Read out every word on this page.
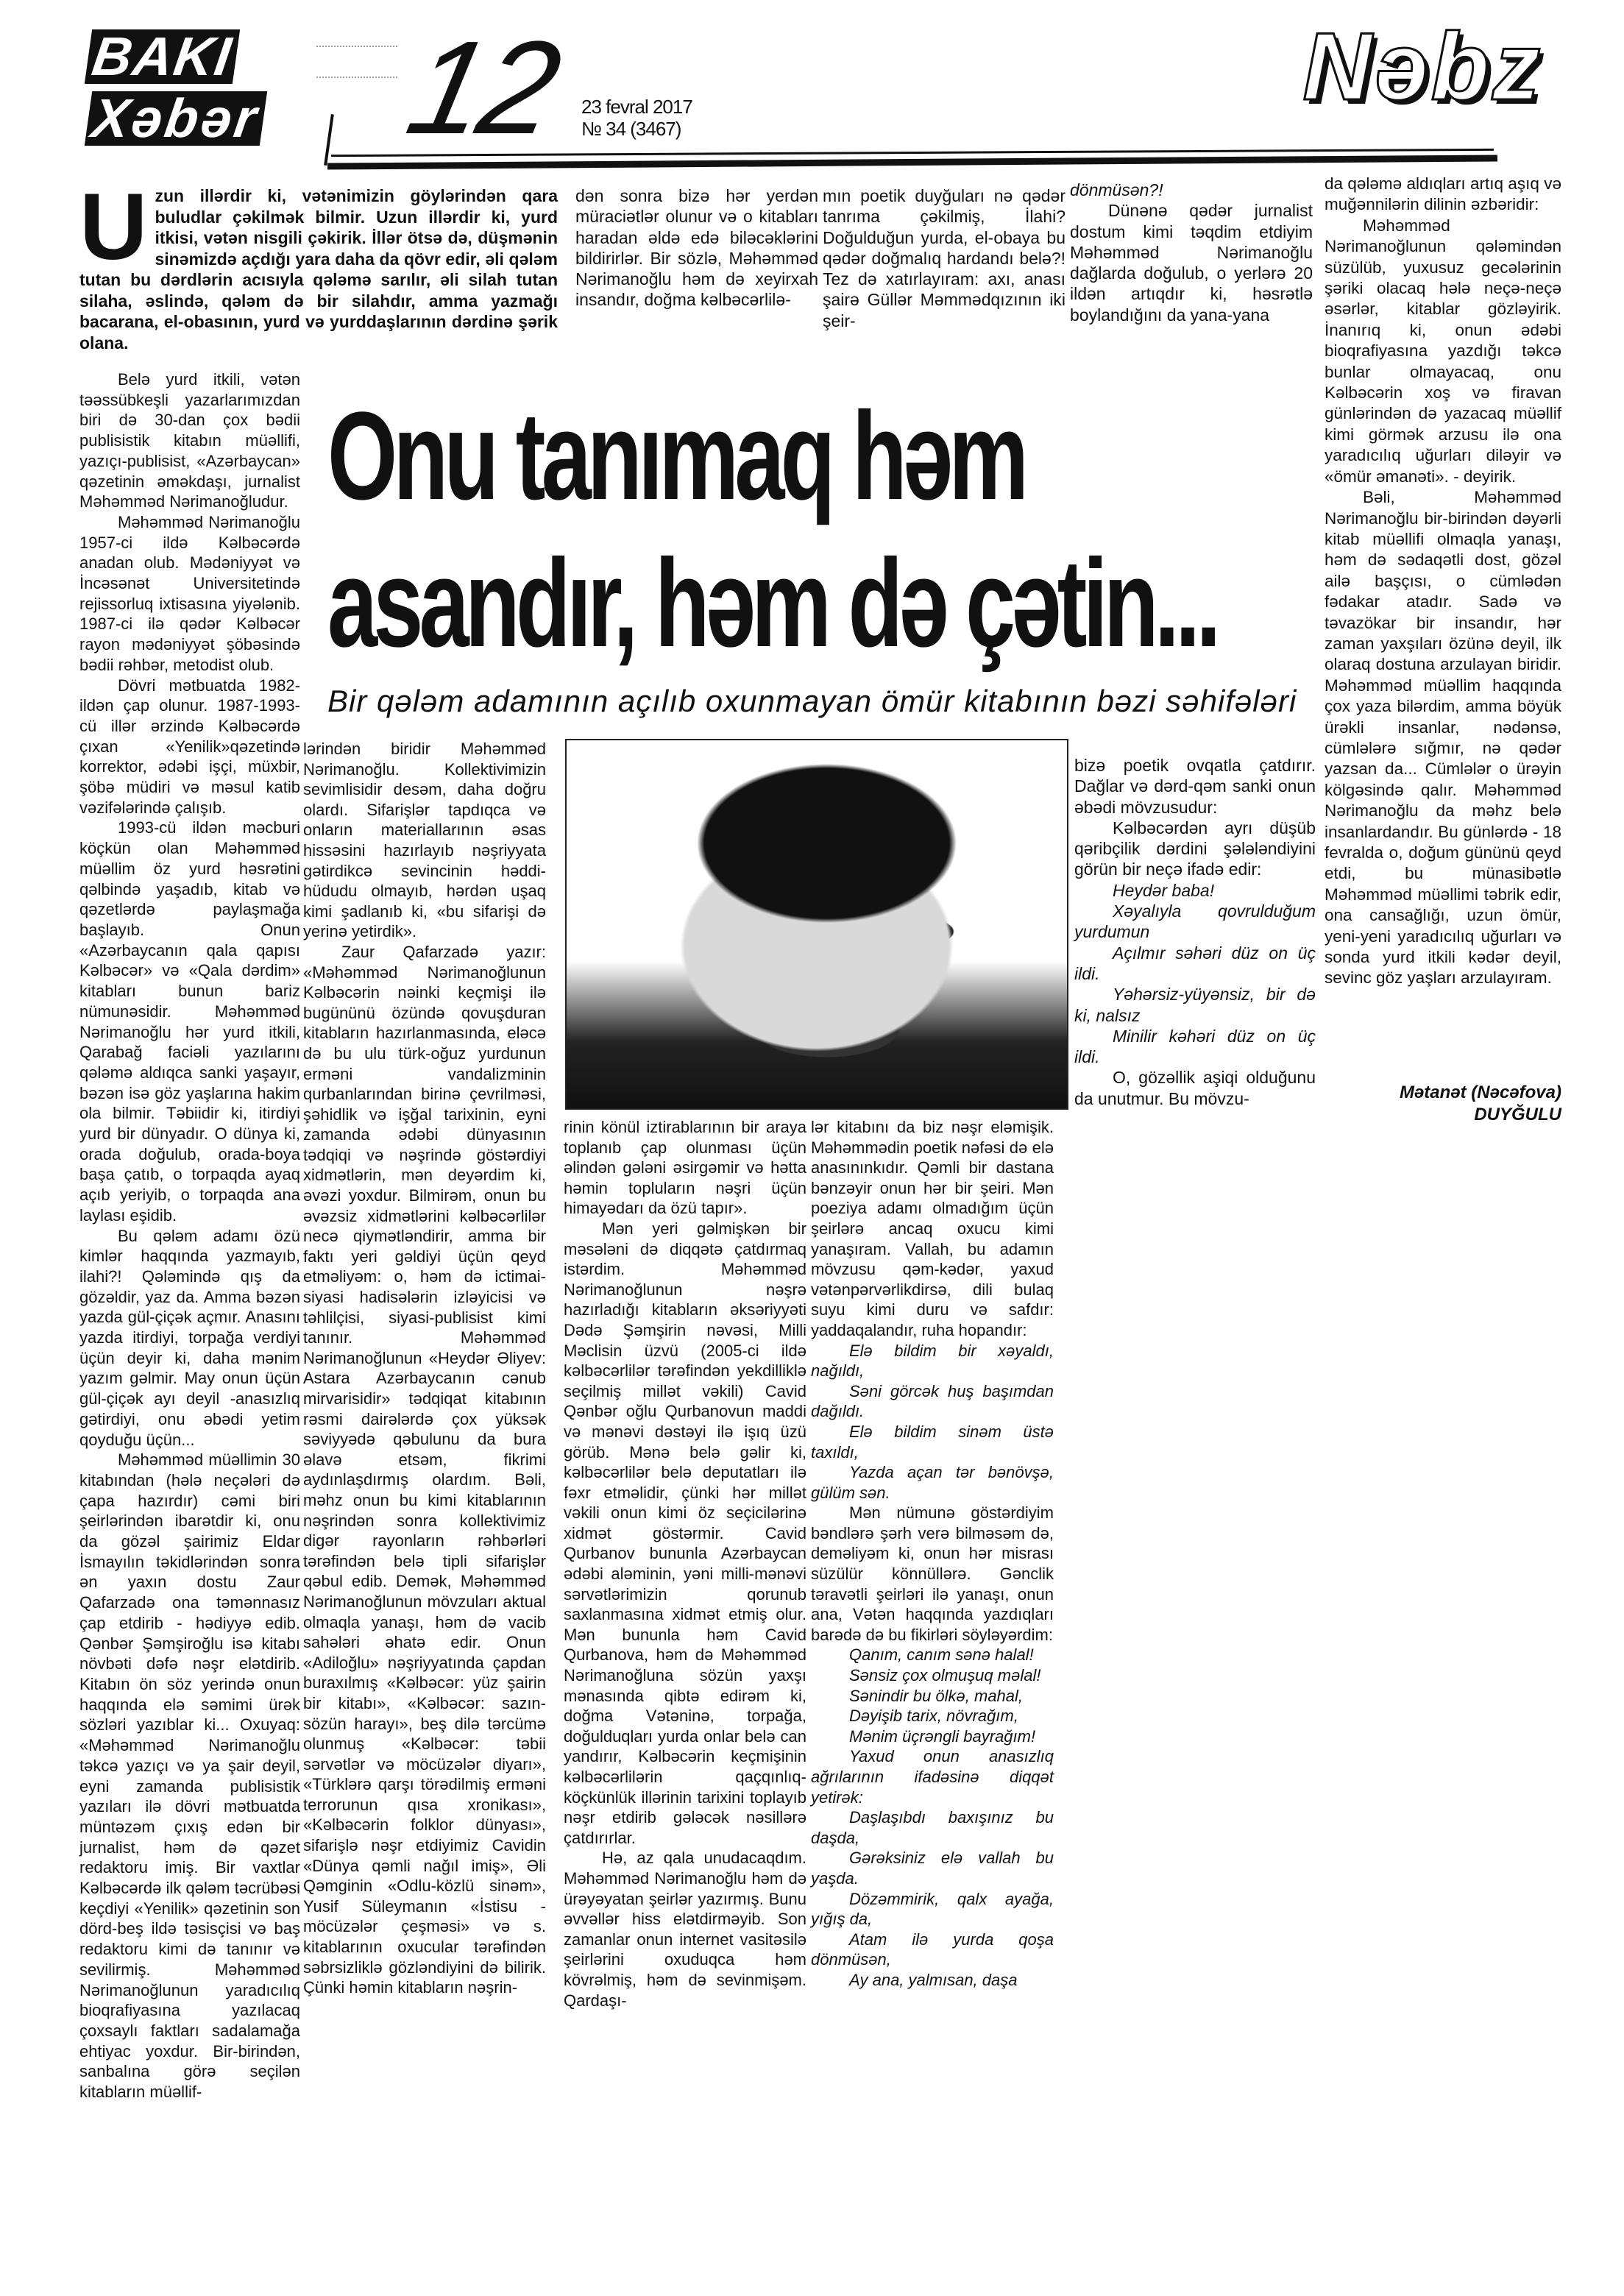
BAKI
Xəbər 12 23 fevral 2017
№ 34 (3467)
Nəbz
U zun illərdir ki, vətənimizin göylərindən qara buludlar çəkilmək bilmir. Uzun illərdir ki, yurd itkisi, vətən nisgili çəkirik. İllər ötsə də, düşmənin sinəmizdə açdığı yara daha da qövr edir, əli qələm tutan bu dərdlərin acısıyla qələmə sarılır, əli silah tutan silaha, əslində, qələm də bir silahdır, amma yazmağı bacarana, el-obasının, yurd və yurddaşlarının dərdinə şərik olana.

dən sonra bizə hər yerdən müraciətlər olunur və o kitabları haradan əldə edə biləcəklərini bildirirlər. Bir sözlə, Məhəmməd Nərimanoğlu həm də xeyirxah insandır, doğma kəlbəcərlilə-

mın poetik duyğuları nə qədər tanrıma çəkilmiş, İlahi? Doğulduğun yurda, el-obaya bu qədər doğmalıq hardandı belə?! Tez də xatırlayıram: axı, anası şairə Güllər Məmmədqızının iki şeir-

dönmüsən?!

Dünənə qədər jurnalist dostum kimi təqdim etdiyim Məhəmməd Nərimanoğlu dağlarda doğulub, o yerlərə 20 ildən artıqdır ki, həsrətlə boylandığını da yana-yana

Onu tanımaq həm
asandır, həm də çətin...
Bir qələm adamının açılıb oxunmayan ömür kitabının bəzi səhifələri

Belə yurd itkili, vətən təəssübkeşli yazarlarımızdan biri də 30-dan çox bədii publisistik kitabın müəllifi, yazıçı-publisist, «Azərbaycan» qəzetinin əməkdaşı, jurnalist Məhəmməd Nərimanoğludur.

Məhəmməd Nərimanoğlu 1957-ci ildə Kəlbəcərdə anadan olub. Mədəniyyət və İncəsənət Universitetində rejissorluq ixtisasına yiyələnib. 1987-ci ilə qədər Kəlbəcər rayon mədəniyyət şöbəsində bədii rəhbər, metodist olub.

Dövri mətbuatda 1982-ildən çap olunur. 1987-1993-cü illər ərzində Kəlbəcərdə çıxan «Yenilik»qəzetində korrektor, ədəbi işçi, müxbir, şöbə müdiri və məsul katib vəzifələrində çalışıb.

1993-cü ildən məcburi köçkün olan Məhəmməd müəllim öz yurd həsrətini qəlbində yaşadıb, kitab və qəzetlərdə paylaşmağa başlayıb. Onun «Azərbaycanın qala qapısı Kəlbəcər» və «Qala dərdim» kitabları bunun bariz nümunəsidir. Məhəmməd Nərimanoğlu hər yurd itkili, Qarabağ faciəli yazılarını qələmə aldıqca sanki yaşayır, bəzən isə göz yaşlarına hakim ola bilmir. Təbiidir ki, itirdiyi yurd bir dünyadır. O dünya ki, orada doğulub, orada-boya başa çatıb, o torpaqda ayaq açıb yeriyib, o torpaqda ana laylası eşidib.

Bu qələm adamı özü kimlər haqqında yazmayıb, ilahi?! Qələmində qış da gözəldir, yaz da. Amma bəzən yazda gül-çiçək açmır. Anasını yazda itirdiyi, torpağa verdiyi üçün deyir ki, daha mənim yazım gəlmir. May onun üçün gül-çiçək ayı deyil -anasızlıq gətirdiyi, onu əbədi yetim qoyduğu üçün...

Məhəmməd müəllimin 30 kitabından (hələ neçələri də çapa hazırdır) cəmi biri şeirlərindən ibarətdir ki, onu da gözəl şairimiz Eldar İsmayılın təkidlərindən sonra ən yaxın dostu Zaur Qafarzadə ona təmənnasız çap etdirib - hədiyyə edib. Qənbər Şəmşiroğlu isə kitabı növbəti dəfə nəşr elətdirib. Kitabın ön söz yerində onun haqqında elə səmimi ürək sözləri yazıblar ki... Oxuyaq: «Məhəmməd Nərimanoğlu təkcə yazıçı və ya şair deyil, eyni zamanda publisistik yazıları ilə dövri mətbuatda müntəzəm çıxış edən bir jurnalist, həm də qəzet redaktoru imiş. Bir vaxtlar Kəlbəcərdə ilk qələm təcrübəsi keçdiyi «Yenilik» qəzetinin son dörd-beş ildə təsisçisi və baş redaktoru kimi də tanınır və sevilirmiş. Məhəmməd Nərimanoğlunun yaradıcılıq bioqrafiyasına yazılacaq çoxsaylı faktları sadalamağa ehtiyac yoxdur. Bir-birindən, sanbalına görə seçilən kitabların müəllif-

lərindən biridir Məhəmməd Nərimanoğlu. Kollektivimizin sevimlisidir desəm, daha doğru olardı. Sifarişlər tapdıqca və onların materiallarının əsas hissəsini hazırlayıb nəşriyyata gətirdikcə sevincinin həddi-hüdudu olmayıb, hərdən uşaq kimi şadlanıb ki, «bu sifarişi də yerinə yetirdik».

Zaur Qafarzadə yazır: «Məhəmməd Nərimanoğlunun Kəlbəcərin nəinki keçmişi ilə bugününü özündə qovuşduran kitabların hazırlanmasında, eləcə də bu ulu türk-oğuz yurdunun erməni vandalizminin qurbanlarından birinə çevrilməsi, şəhidlik və işğal tarixinin, eyni zamanda ədəbi dünyasının tədqiqi və nəşrində göstərdiyi xidmətlərin, mən deyərdim ki, əvəzi yoxdur. Bilmirəm, onun bu əvəzsiz xidmətlərini kəlbəcərlilər necə qiymətləndirir, amma bir faktı yeri gəldiyi üçün qeyd etməliyəm: o, həm də ictimai-siyasi hadisələrin izləyicisi və təhlilçisi, siyasi-publisist kimi tanınır. Məhəmməd Nərimanoğlunun «Heydər Əliyev: Astara Azərbaycanın cənub mirvarisidir» tədqiqat kitabının rəsmi dairələrdə çox yüksək səviyyədə qəbulunu da bura əlavə etsəm, fikrimi aydınlaşdırmış olardım. Bəli, məhz onun bu kimi kitablarının nəşrindən sonra kollektivimiz digər rayonların rəhbərləri tərəfindən belə tipli sifarişlər qəbul edib. Demək, Məhəmməd Nərimanoğlunun mövzuları aktual olmaqla yanaşı, həm də vacib sahələri əhatə edir. Onun «Adiloğlu» nəşriyyatında çapdan buraxılmış «Kəlbəcər: yüz şairin bir kitabı», «Kəlbəcər: sazın-sözün harayı», beş dilə tərcümə olunmuş «Kəlbəcər: təbii sərvətlər və möcüzələr diyarı», «Türklərə qarşı törədilmiş erməni terrorunun qısa xronikası», «Kəlbəcərin folklor dünyası», sifarişlə nəşr etdiyimiz Cavidin «Dünya qəmli nağıl imiş», Əli Qəmginin «Odlu-közlü sinəm», Yusif Süleymanın «İstisu - möcüzələr çeşməsi» və s. kitablarının oxucular tərəfindən səbrsizliklə gözləndiyini də bilirik. Çünki həmin kitabların nəşrin-

rinin könül iztirablarının bir araya toplanıb çap olunması üçün əlindən gələni əsirgəmir və hətta həmin topluların nəşri üçün himayədarı da özü tapır».

Mən yeri gəlmişkən bir məsələni də diqqətə çatdırmaq istərdim. Məhəmməd Nərimanoğlunun nəşrə hazırladığı kitabların əksəriyyəti Dədə Şəmşirin nəvəsi, Milli Məclisin üzvü (2005-ci ildə kəlbəcərlilər tərəfindən yekdilliklə seçilmiş millət vəkili) Cavid Qənbər oğlu Qurbanovun maddi və mənəvi dəstəyi ilə işıq üzü görüb. Mənə belə gəlir ki, kəlbəcərlilər belə deputatları ilə fəxr etməlidir, çünki hər millət vəkili onun kimi öz seçicilərinə xidmət göstərmir. Cavid Qurbanov bununla Azərbaycan ədəbi aləminin, yəni milli-mənəvi sərvətlərimizin qorunub saxlanmasına xidmət etmiş olur. Mən bununla həm Cavid Qurbanova, həm də Məhəmməd Nərimanoğluna sözün yaxşı mənasında qibtə edirəm ki, doğma Vətəninə, torpağa, doğulduqları yurda onlar belə can yandırır, Kəlbəcərin keçmişinin kəlbəcərlilərin qaçqınlıq-köçkünlük illərinin tarixini toplayıb nəşr etdirib gələcək nəsillərə çatdırırlar.

Hə, az qala unudacaqdım. Məhəmməd Nərimanoğlu həm də ürəyəyatan şeirlər yazırmış. Bunu əvvəllər hiss elətdirməyib. Son zamanlar onun internet vasitəsilə şeirlərini oxuduqca həm kövrəlmiş, həm də sevinmişəm. Qardaşı-

lər kitabını da biz nəşr eləmişik. Məhəmmədin poetik nəfəsi də elə anasınınkıdır. Qəmli bir dastana bənzəyir onun hər bir şeiri. Mən poeziya adamı olmadığım üçün şeirlərə ancaq oxucu kimi yanaşıram. Vallah, bu adamın mövzusu qəm-kədər, yaxud vətənpərvərlikdirsə, dili bulaq suyu kimi duru və safdır: yaddaqalandır, ruha hopandır:

Elə bildim bir xəyaldı, nağıldı,

Səni görcək huş başımdan dağıldı.

Elə bildim sinəm üstə taxıldı,

Yazda açan tər bənövşə, gülüm sən.

Mən nümunə göstərdiyim bəndlərə şərh verə bilməsəm də, deməliyəm ki, onun hər misrası süzülür könnüllərə. Gənclik təravətli şeirləri ilə yanaşı, onun ana, Vətən haqqında yazdıqları barədə də bu fikirləri söyləyərdim:

Qanım, canım sənə halal!

Sənsiz çox olmuşuq məlal!

Sənindir bu ölkə, mahal,

Dəyişib tarix, növrağım,

Mənim üçrəngli bayrağım!

Yaxud onun anasızlıq ağrılarının ifadəsinə diqqət yetirək:

Daşlaşıbdı baxışınız bu daşda,

Gərəksiniz elə vallah bu yaşda.

Dözəmmirik, qalx ayağa, yığış da,

Atam ilə yurda qoşa dönmüsən,

Ay ana, yalmısan, daşa

bizə poetik ovqatla çatdırır. Dağlar və dərd-qəm sanki onun əbədi mövzusudur:

Kəlbəcərdən ayrı düşüb qəribçilik dərdini şələləndiyini görün bir neçə ifadə edir:

Heydər baba!

Xəyalıyla qovrulduğum yurdumun

Açılmır səhəri düz on üç ildi.

Yəhərsiz-yüyənsiz, bir də ki, nalsız

Minilir kəhəri düz on üç ildi.

O, gözəllik aşiqi olduğunu da unutmur. Bu mövzu-

da qələmə aldıqları artıq aşıq və muğənnilərin dilinin əzbəridir:

Məhəmməd Nərimanoğlunun qələmindən süzülüb, yuxusuz gecələrinin şəriki olacaq hələ neçə-neçə əsərlər, kitablar gözləyirik. İnanırıq ki, onun ədəbi bioqrafiyasına yazdığı təkcə bunlar olmayacaq, onu Kəlbəcərin xoş və firavan günlərindən də yazacaq müəllif kimi görmək arzusu ilə ona yaradıcılıq uğurları diləyir və «ömür əmanəti». - deyirik.

Bəli, Məhəmməd Nərimanoğlu bir-birindən dəyərli kitab müəllifi olmaqla yanaşı, həm də sədaqətli dost, gözəl ailə başçısı, o cümlədən fədakar atadır. Sadə və təvazökar bir insandır, hər zaman yaxşıları özünə deyil, ilk olaraq dostuna arzulayan biridir. Məhəmməd müəllim haqqında çox yaza bilərdim, amma böyük ürəkli insanlar, nədənsə, cümlələrə sığmır, nə qədər yazsan da... Cümlələr o ürəyin kölgəsində qalır. Məhəmməd Nərimanoğlu da məhz belə insanlardandır. Bu günlərdə - 18 fevralda o, doğum gününü qeyd etdi, bu münasibətlə Məhəmməd müəllimi təbrik edir, ona cansağlığı, uzun ömür, yeni-yeni yaradıcılıq uğurları və sonda yurd itkili kədər deyil, sevinc göz yaşları arzulayıram.

Mətanət (Nəcəfova)
DUYĞULU
